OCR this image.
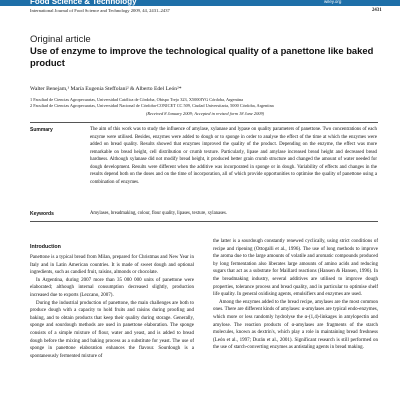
Food Science & Technology	wiley.org
International Journal of Food Science and Technology 2009, 44, 2431–2437	2431
Original article
Use of enzyme to improve the technological quality of a panettone like baked product
Walter Benejam,¹ María Eugenia Steffolani² & Alberto Edel León²*
1 Facultad de Ciencias Agropecuarias, Universidad Católica de Córdoba, Obispo Trejo 323, X5000IYG Córdoba, Argentina
2 Facultad de Ciencias Agropecuarias, Universidad Nacional de Córdoba-CONICET CC 509, Ciudad Universitaria, 5000 Córdoba, Argentina
(Received 8 January 2009; Accepted in revised form 18 June 2009)
Summary	The aim of this work was to study the influence of amylase, xylanase and lypase on quality parameters of panettone. Two concentrations of each enzyme were utilised. Besides, enzymes were added to dough or to sponge in order to analyse the effect of the time at which the enzymes were added on bread quality. Results showed that enzymes improved the quality of the product. Depending on the enzyme, the effect was more remarkable on bread height, cell distribution or crumb texture. Particularly, lipase and amylase increased bread height and decreased bread hardness. Although xylanase did not modify bread height, it produced better grain crumb structure and changed the amount of water needed for dough development. Results were different when the additive was incorporated in sponge or in dough. Variability of effects and changes in the results depend both on the doses and on the time of incorporation, all of which provide opportunities to optimise the quality of panettone using a combination of enzymes.
Keywords	Amylases, breadmaking, colour, flour quality, lipases, texture, xylanases.
Introduction

Panettone is a typical bread from Milan, prepared for Christmas and New Year in Italy and in Latin American countries. It is made of sweet dough and optional ingredients, such as candied fruit, raisins, almonds or chocolate.

In Argentina, during 2007 more than 35 000 000 units of panettone were elaborated; although internal consumption decreased slightly, production increased due to exports (Lezcano, 2007).

During the industrial production of panettone, the main challenges are both to produce dough with a capacity to hold fruits and raisins during proofing and baking, and to obtain products that keep their quality during storage. Generally, sponge and sourdough methods are used in panettone elaboration. The sponge consists of a simple mixture of flour, water and yeast, and is added to bread dough before the mixing and baking process as a substitute for yeast. The use of sponge in panettone elaboration enhances the flavour. Sourdough is a spontaneously fermented mixture of

the latter is a sourdough constantly renewed cyclically, using strict conditions of recipe and ripening (Ottogalli et al., 1996). The use of long methods to improve the aroma due to the large amounts of volatile and aromatic compounds produced by long fermentation also liberates large amounts of amino acids and reducing sugars that act as a substrate for Maillard reactions (Hansen & Hansen, 1996). In the breadmaking industry, several additives are utilised to improve dough properties, tolerance process and bread quality, and in particular to optimise shelf life quality. In general oxidising agents, emulsifiers and enzymes are used.

Among the enzymes added to the bread recipe, amylases are the most common ones. There are different kinds of amylases: α-amylases are typical endo-enzymes, which more or less randomly hydrolyse the α-(1,4)-linkages in amylopectin and amylose. The reaction products of α-amylases are fragments of the starch molecules, known as dextrin's, which play a role in maintaining bread freshness (León et al., 1997; Durán et al., 2001). Significant research is still performed on the use of starch-converting enzymes as antistaling agents in bread making.
